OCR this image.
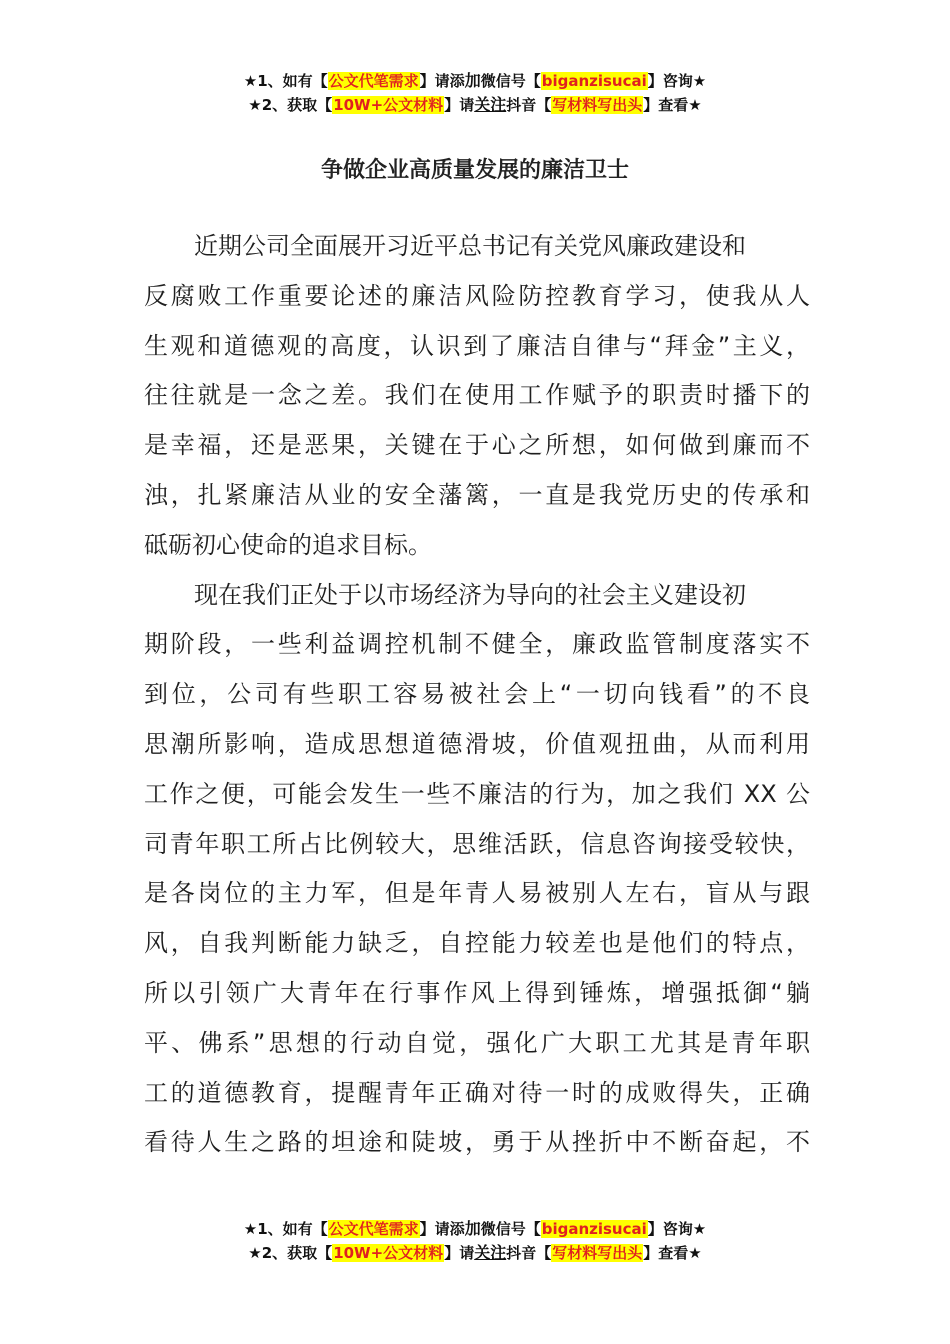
★1、如有【公文代笔需求】请添加微信号【biganzisucai】咨询★
★2、获取【10W+公文材料】请关注抖音【写材料写出头】查看★
争做企业高质量发展的廉洁卫士
近期公司全面展开习近平总书记有关党风廉政建设和
反腐败工作重要论述的廉洁风险防控教育学习，使我从人
生观和道德观的高度，认识到了廉洁自律与“拜金”主义，
往往就是一念之差。我们在使用工作赋予的职责时播下的
是幸福，还是恶果，关键在于心之所想，如何做到廉而不
浊，扎紧廉洁从业的安全藩篱，一直是我党历史的传承和
砥砺初心使命的追求目标。
现在我们正处于以市场经济为导向的社会主义建设初
期阶段，一些利益调控机制不健全，廉政监管制度落实不
到位，公司有些职工容易被社会上“一切向钱看”的不良
思潮所影响，造成思想道德滑坡，价值观扭曲，从而利用
工作之便，可能会发生一些不廉洁的行为，加之我们 XX 公
司青年职工所占比例较大，思维活跃，信息咨询接受较快，
是各岗位的主力军，但是年青人易被别人左右，盲从与跟
风，自我判断能力缺乏，自控能力较差也是他们的特点，
所以引领广大青年在行事作风上得到锤炼，增强抵御“躺
平、佛系”思想的行动自觉，强化广大职工尤其是青年职
工的道德教育，提醒青年正确对待一时的成败得失，正确
看待人生之路的坦途和陡坡，勇于从挫折中不断奋起，不
★1、如有【公文代笔需求】请添加微信号【biganzisucai】咨询★
★2、获取【10W+公文材料】请关注抖音【写材料写出头】查看★
